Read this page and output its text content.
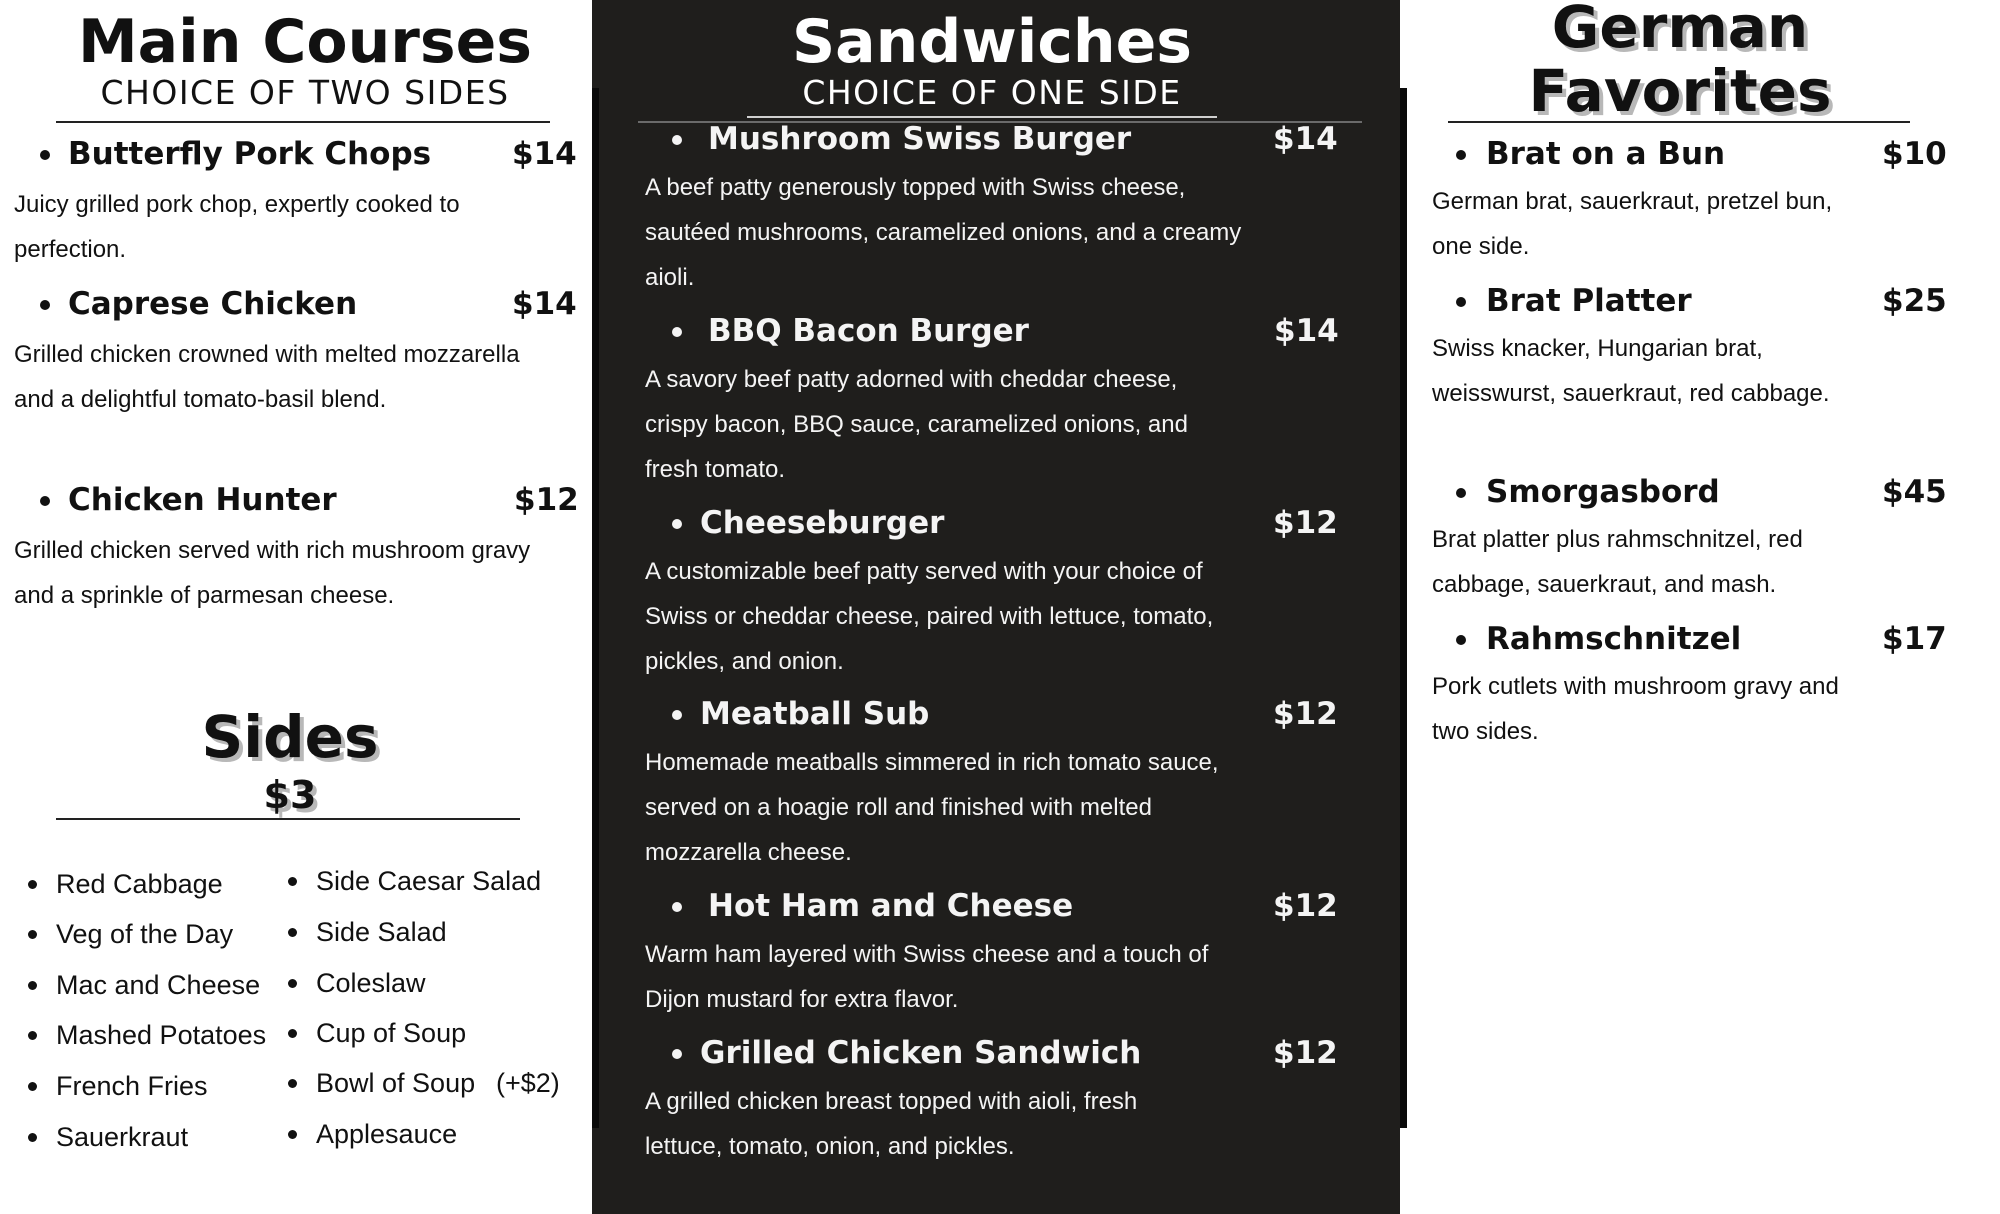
Main Courses
CHOICE OF TWO SIDES
Butterfly Pork Chops	$14
Juicy grilled pork chop, expertly cooked to perfection.
Caprese Chicken	$14
Grilled chicken crowned with melted mozzarella and a delightful tomato-basil blend.
Chicken Hunter	$12
Grilled chicken served with rich mushroom gravy and a sprinkle of parmesan cheese.
Sides
$3
Red Cabbage
Veg of the Day
Mac and Cheese
Mashed Potatoes
French Fries
Sauerkraut
Side Caesar Salad
Side Salad
Coleslaw
Cup of Soup
Bowl of Soup (+$2)
Applesauce
Sandwiches
CHOICE OF ONE SIDE
Mushroom Swiss Burger	$14
A beef patty generously topped with Swiss cheese, sautéed mushrooms, caramelized onions, and a creamy aioli.
BBQ Bacon Burger	$14
A savory beef patty adorned with cheddar cheese, crispy bacon, BBQ sauce, caramelized onions, and fresh tomato.
Cheeseburger	$12
A customizable beef patty served with your choice of Swiss or cheddar cheese, paired with lettuce, tomato, pickles, and onion.
Meatball Sub	$12
Homemade meatballs simmered in rich tomato sauce, served on a hoagie roll and finished with melted mozzarella cheese.
Hot Ham and Cheese	$12
Warm ham layered with Swiss cheese and a touch of Dijon mustard for extra flavor.
Grilled Chicken Sandwich	$12
A grilled chicken breast topped with aioli, fresh lettuce, tomato, onion, and pickles.
German
Favorites
Brat on a Bun	$10
German brat, sauerkraut, pretzel bun, one side.
Brat Platter	$25
Swiss knacker, Hungarian brat, weisswurst, sauerkraut, red cabbage.
Smorgasbord	$45
Brat platter plus rahmschnitzel, red cabbage, sauerkraut, and mash.
Rahmschnitzel	$17
Pork cutlets with mushroom gravy and two sides.
